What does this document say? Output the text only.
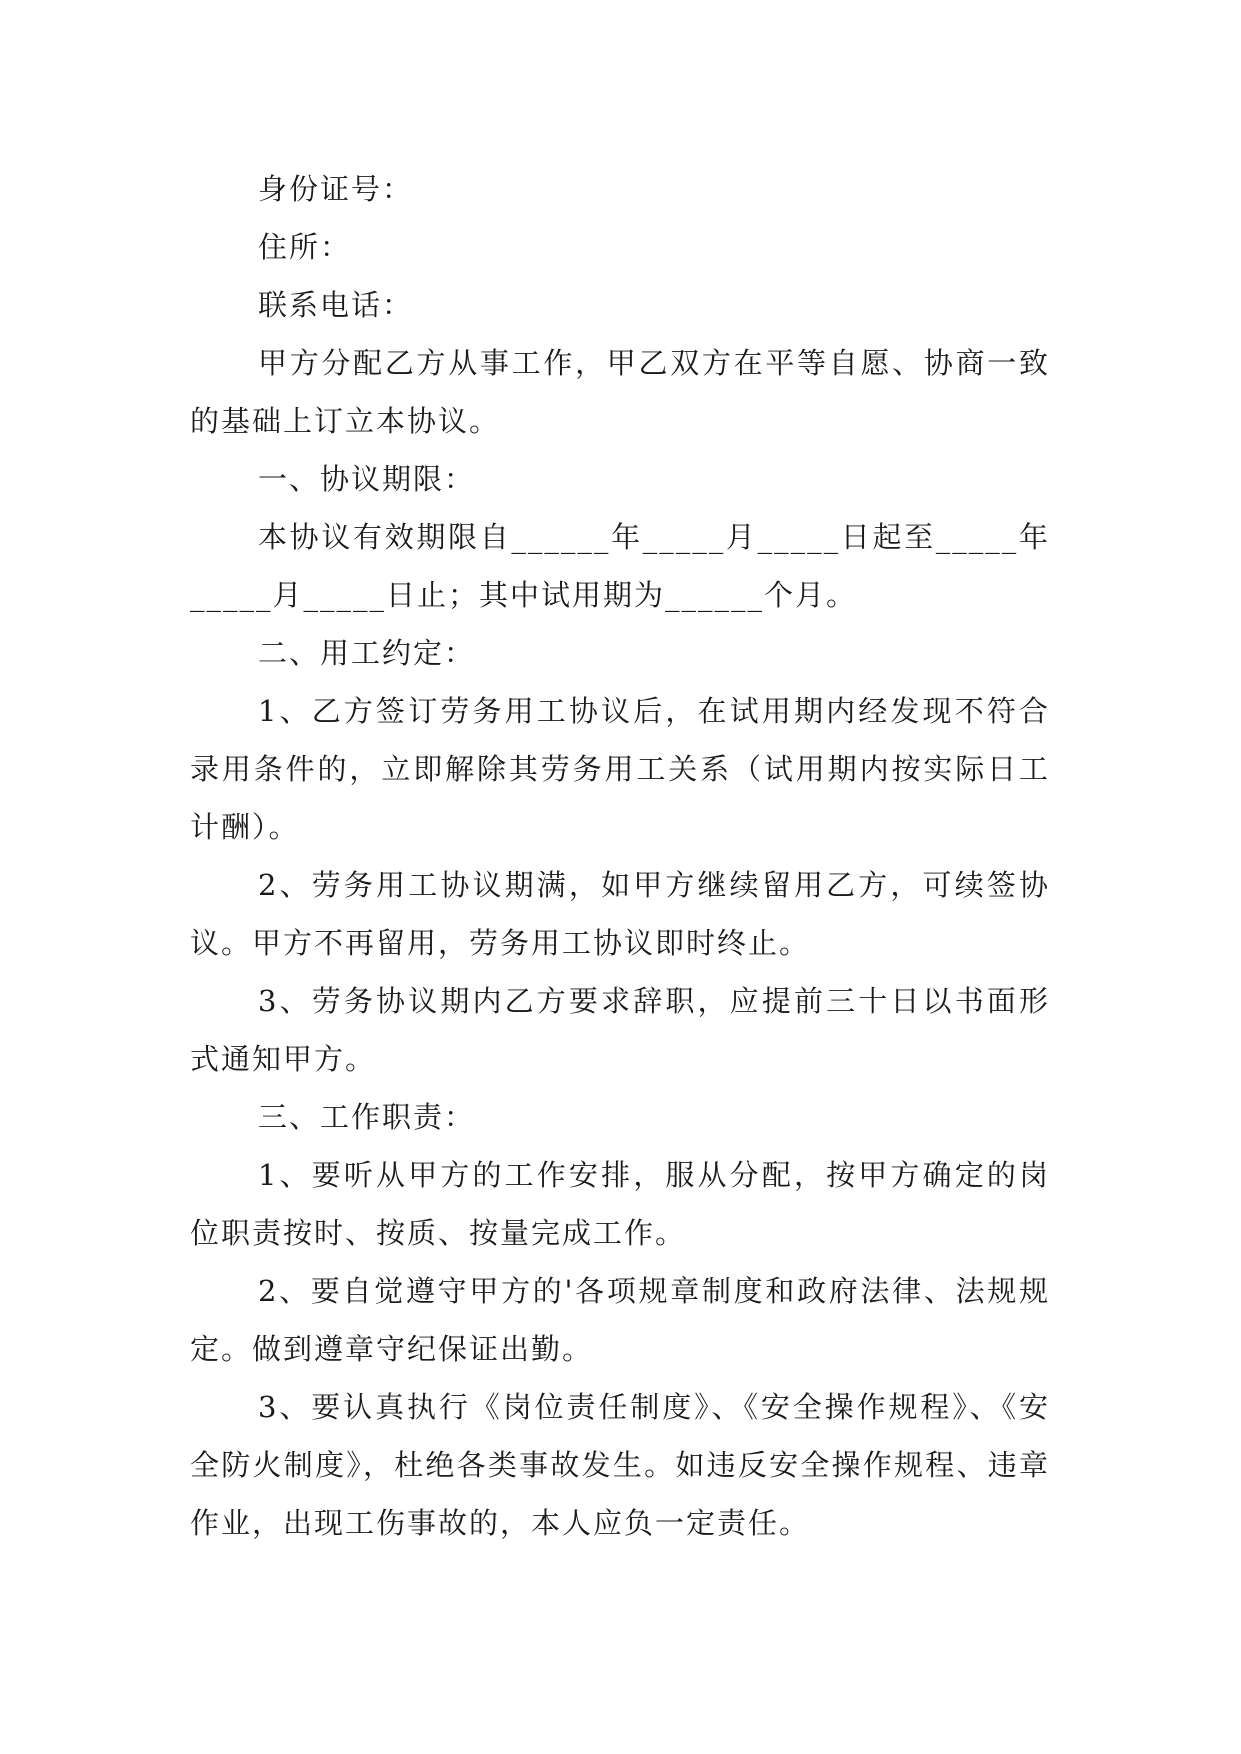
身份证号：

住所：

联系电话：

甲方分配乙方从事工作，甲乙双方在平等自愿、协商一致的基础上订立本协议。

一、协议期限：

本协议有效期限自______年_____月_____日起至_____年_____月_____日止；其中试用期为______个月。

二、用工约定：

1、乙方签订劳务用工协议后，在试用期内经发现不符合录用条件的，立即解除其劳务用工关系（试用期内按实际日工计酬）。

2、劳务用工协议期满，如甲方继续留用乙方，可续签协议。甲方不再留用，劳务用工协议即时终止。

3、劳务协议期内乙方要求辞职，应提前三十日以书面形式通知甲方。

三、工作职责：

1、要听从甲方的工作安排，服从分配，按甲方确定的岗位职责按时、按质、按量完成工作。

2、要自觉遵守甲方的'各项规章制度和政府法律、法规规定。做到遵章守纪保证出勤。

3、要认真执行《岗位责任制度》、《安全操作规程》、《安全防火制度》，杜绝各类事故发生。如违反安全操作规程、违章作业，出现工伤事故的，本人应负一定责任。
